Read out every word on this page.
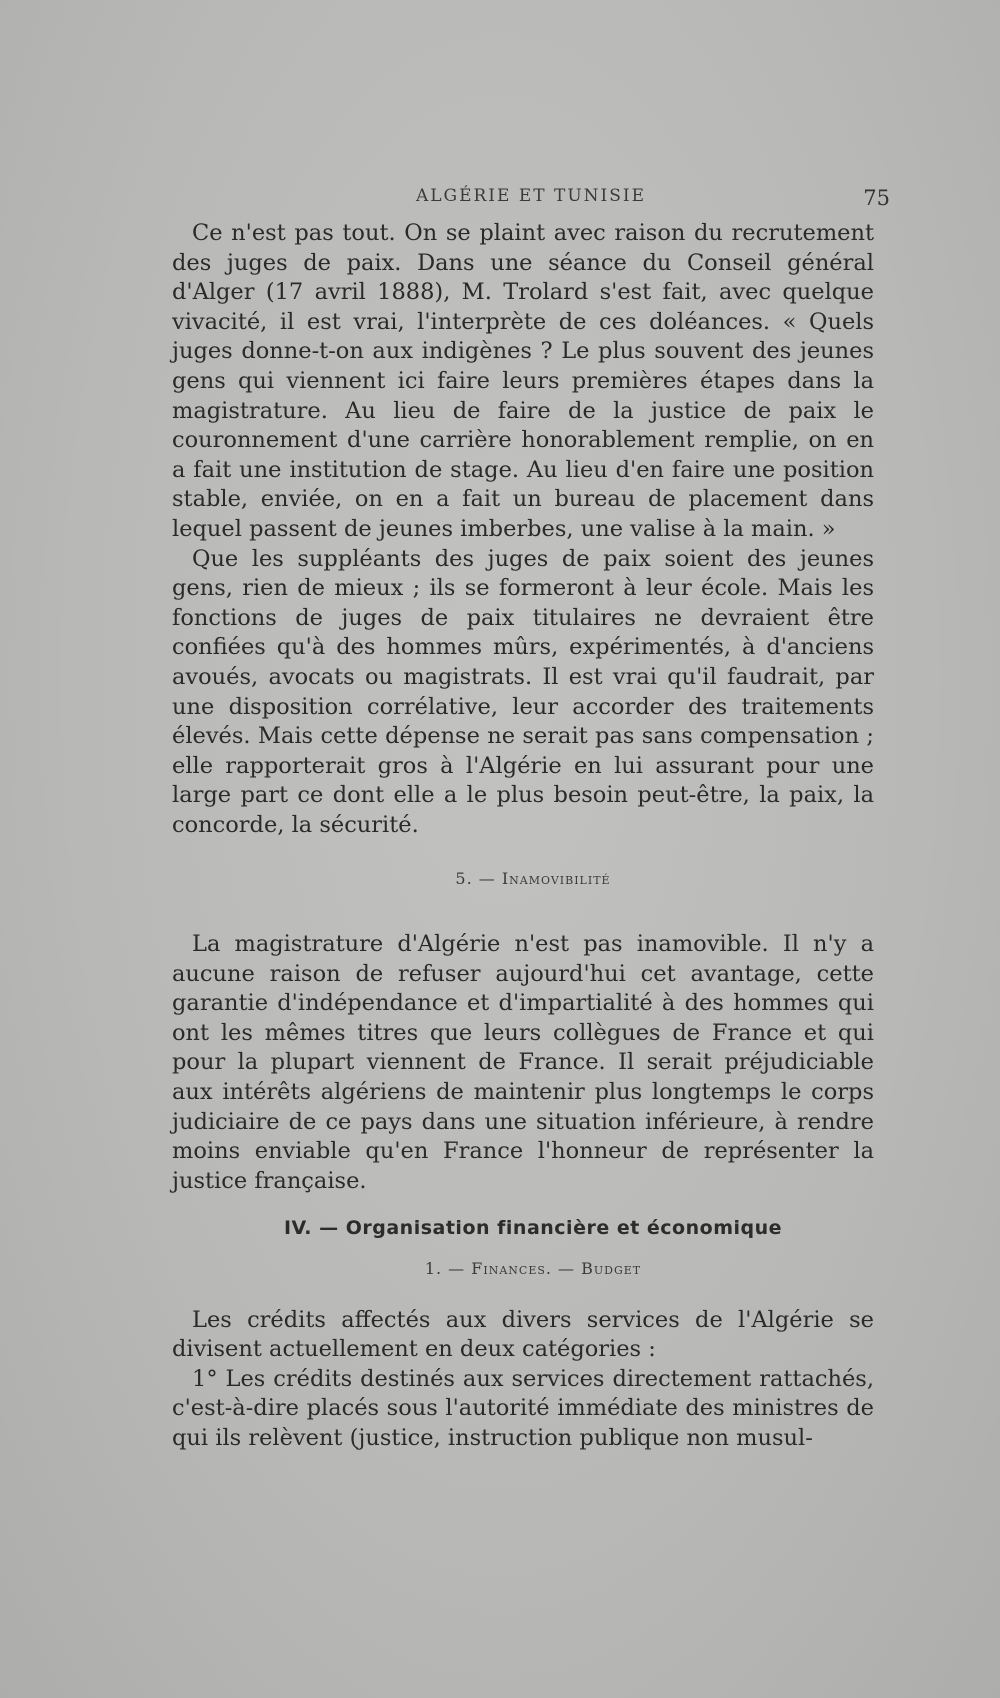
ALGÉRIE ET TUNISIE	75

Ce n'est pas tout. On se plaint avec raison du recrutement des juges de paix. Dans une séance du Conseil général d'Alger (17 avril 1888), M. Trolard s'est fait, avec quelque vivacité, il est vrai, l'interprète de ces doléances. « Quels juges donne-t-on aux indigènes ? Le plus souvent des jeunes gens qui viennent ici faire leurs premières étapes dans la magistrature. Au lieu de faire de la justice de paix le couronnement d'une carrière honorablement remplie, on en a fait une institution de stage. Au lieu d'en faire une position stable, enviée, on en a fait un bureau de placement dans lequel passent de jeunes imberbes, une valise à la main. »

Que les suppléants des juges de paix soient des jeunes gens, rien de mieux ; ils se formeront à leur école. Mais les fonctions de juges de paix titulaires ne devraient être confiées qu'à des hommes mûrs, expérimentés, à d'anciens avoués, avocats ou magistrats. Il est vrai qu'il faudrait, par une disposition corrélative, leur accorder des traitements élevés. Mais cette dépense ne serait pas sans compensation ; elle rapporterait gros à l'Algérie en lui assurant pour une large part ce dont elle a le plus besoin peut-être, la paix, la concorde, la sécurité.

5. — Inamovibilité

La magistrature d'Algérie n'est pas inamovible. Il n'y a aucune raison de refuser aujourd'hui cet avantage, cette garantie d'indépendance et d'impartialité à des hommes qui ont les mêmes titres que leurs collègues de France et qui pour la plupart viennent de France. Il serait préjudiciable aux intérêts algériens de maintenir plus longtemps le corps judiciaire de ce pays dans une situation inférieure, à rendre moins enviable qu'en France l'honneur de représenter la justice française.

IV. — Organisation financière et économique

1. — Finances. — Budget

Les crédits affectés aux divers services de l'Algérie se divisent actuellement en deux catégories :

1° Les crédits destinés aux services directement rattachés, c'est-à-dire placés sous l'autorité immédiate des ministres de qui ils relèvent (justice, instruction publique non musul-
